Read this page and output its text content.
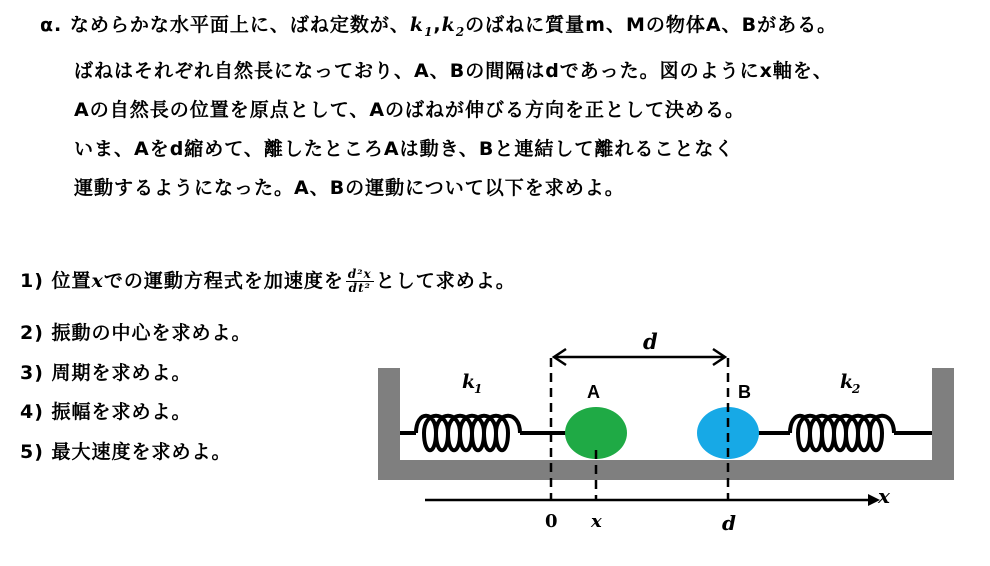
α. なめらかな水平面上に、ばね定数が、$k_1,k_2$のばねに質量m、Mの物体A、Bがある。
ばねはそれぞれ自然長になっており、A、Bの間隔はdであった。図のようにx軸を、
Aの自然長の位置を原点として、Aのばねが伸びる方向を正として決める。
いま、Aをd縮めて、離したところAは動き、Bと連結して離れることなく
運動するようになった。A、Bの運動について以下を求めよ。
1) 位置xでの運動方程式を加速度を $\frac{\text{d²x}}{\text{dt²}}$ として求めよ。
2) 振動の中心を求めよ。
3) 周期を求めよ。
4) 振幅を求めよ。
5) 最大速度を求めよ。
d
k
1	k
2
A	B
x
0 x	d
